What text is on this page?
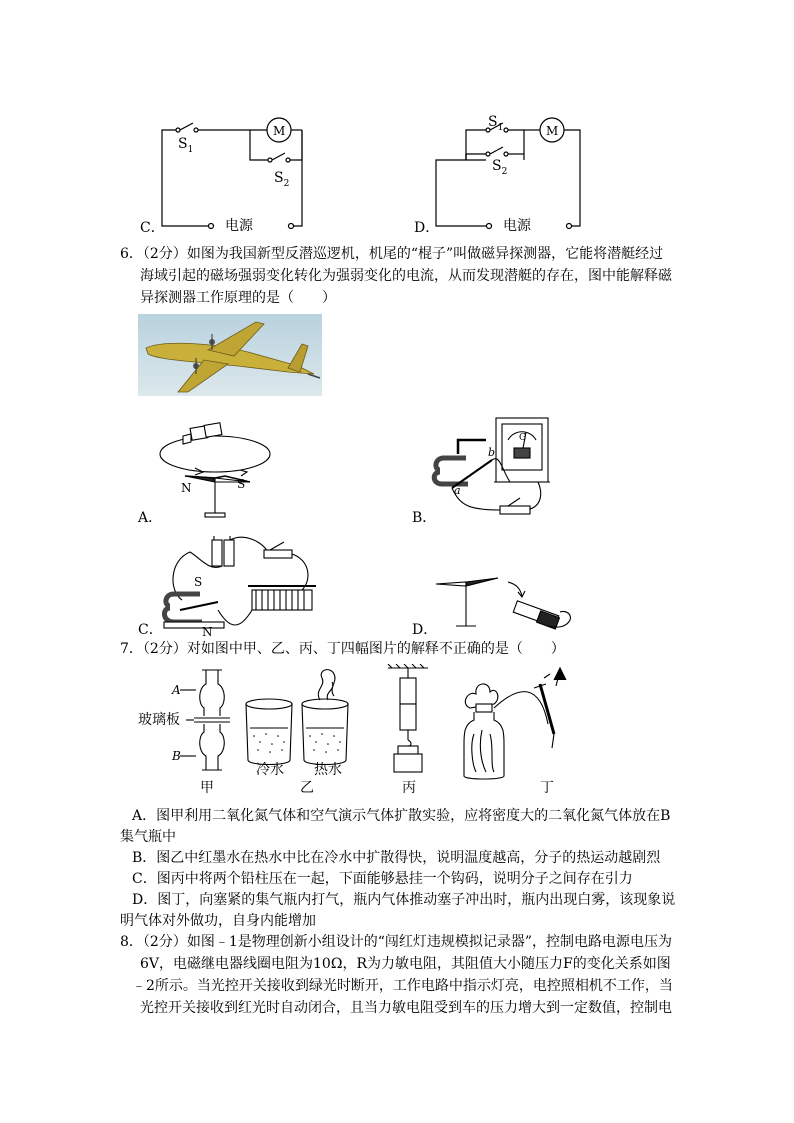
M
$S_1$
$S_2$
电源
C．
M
$S_1$
$S_2$
电源
D．
6．（2分）如图为我国新型反潜巡逻机，机尾的“棍子”叫做磁异探测器，它能将潜艇经过
海域引起的磁场强弱变化转化为强弱变化的电流，从而发现潜艇的存在，图中能解释磁
异探测器工作原理的是（　　）
N	S
A．
a
b
G
B．
S
N
C．	D．
7．（2分）对如图中甲、乙、丙、丁四幅图片的解释不正确的是（　　）
A
B
玻璃板
甲
冷水 热水
乙	丙	丁
A．图甲利用二氧化氮气体和空气演示气体扩散实验，应将密度大的二氧化氮气体放在B
集气瓶中
B．图乙中红墨水在热水中比在冷水中扩散得快，说明温度越高，分子的热运动越剧烈
C．图丙中将两个铅柱压在一起，下面能够悬挂一个钩码，说明分子之间存在引力
D．图丁，向塞紧的集气瓶内打气，瓶内气体推动塞子冲出时，瓶内出现白雾，该现象说
明气体对外做功，自身内能增加
8．（2分）如图﹣1是物理创新小组设计的“闯红灯违规模拟记录器”，控制电路电源电压为
6V，电磁继电器线圈电阻为10Ω，R为力敏电阻，其阻值大小随压力F的变化关系如图
﹣2所示。当光控开关接收到绿光时断开，工作电路中指示灯亮，电控照相机不工作，当
光控开关接收到红光时自动闭合，且当力敏电阻受到车的压力增大到一定数值，控制电
